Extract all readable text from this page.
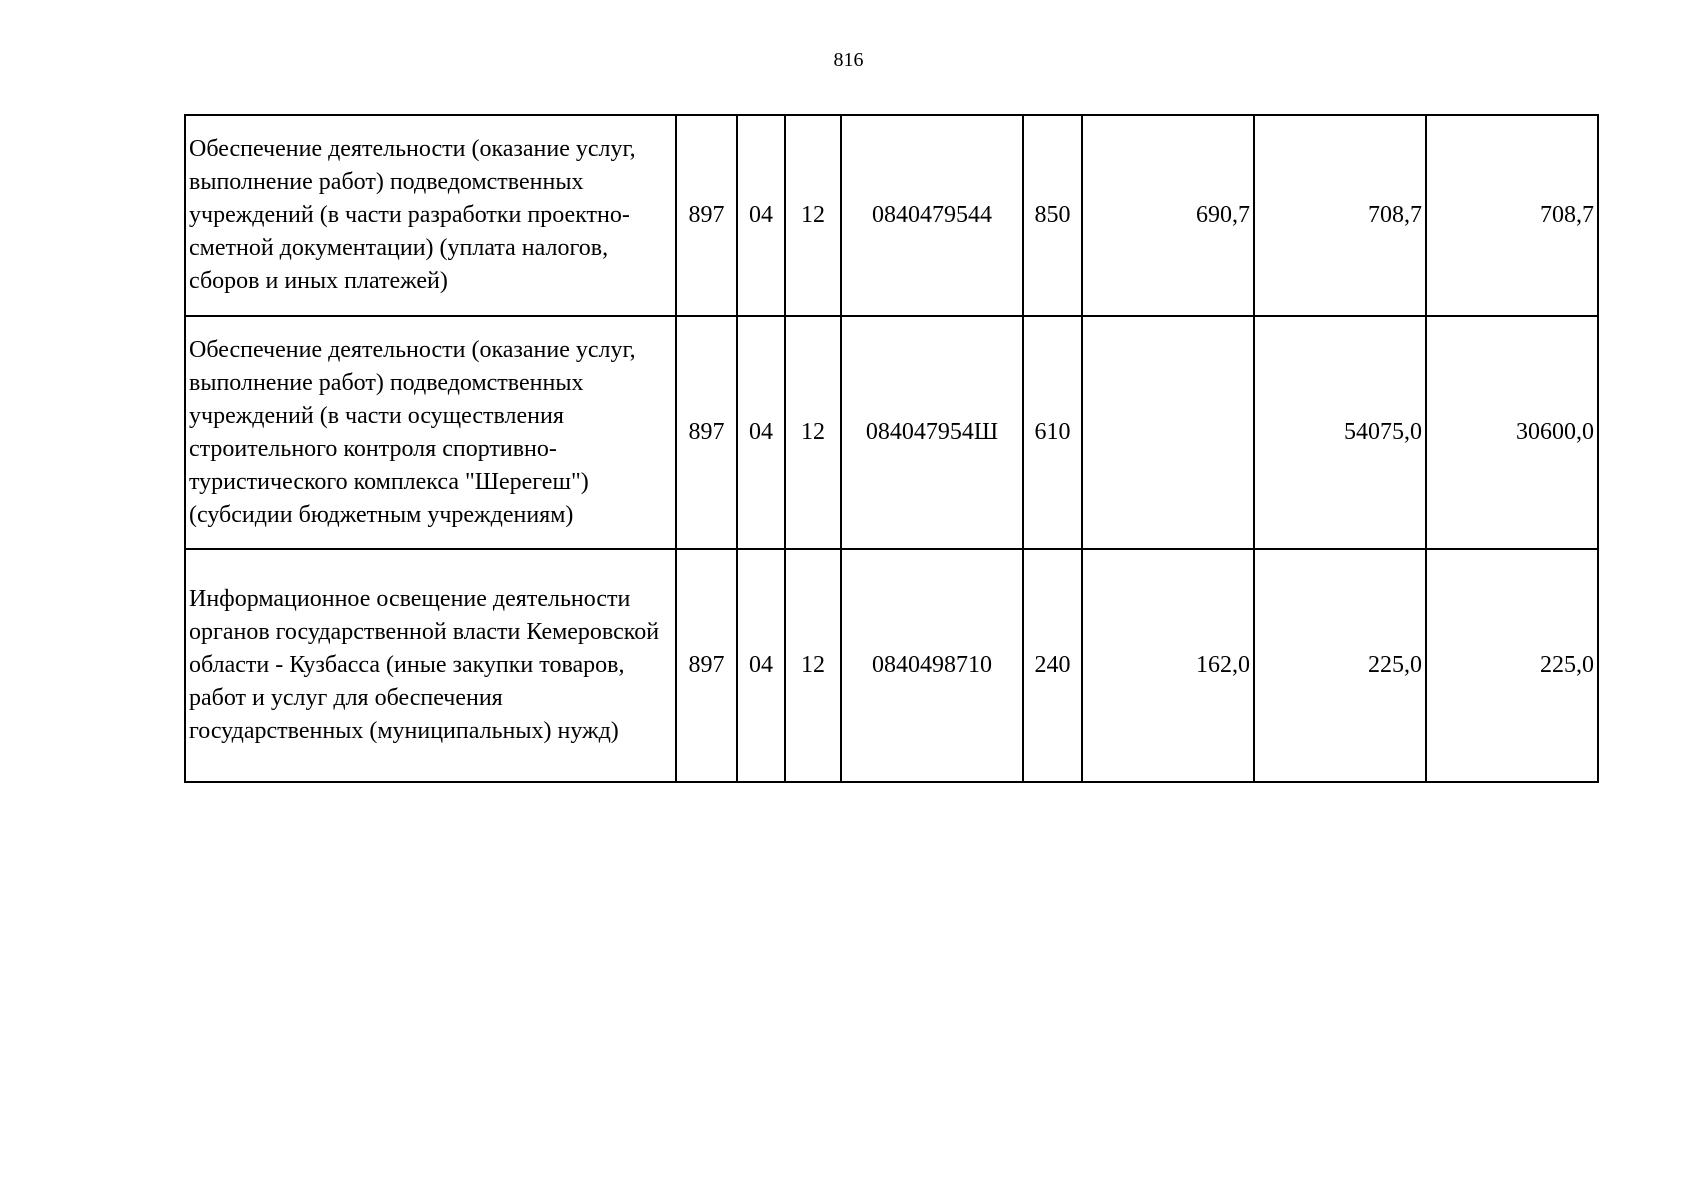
816
Обеспечение деятельности (оказание услуг, выполнение работ) подведомственных учреждений (в части разработки проектно-сметной документации) (уплата налогов, сборов и иных платежей)	897	04	12	0840479544	850	690,7	708,7	708,7
Обеспечение деятельности (оказание услуг, выполнение работ) подведомственных учреждений (в части осуществления строительного контроля спортивно-туристического комплекса "Шерегеш") (субсидии бюджетным учреждениям)	897	04	12	084047954Ш	610		54075,0	30600,0
Информационное освещение деятельности органов государственной власти Кемеровской области - Кузбасса (иные закупки товаров, работ и услуг для обеспечения государственных (муниципальных) нужд)	897	04	12	0840498710	240	162,0	225,0	225,0
